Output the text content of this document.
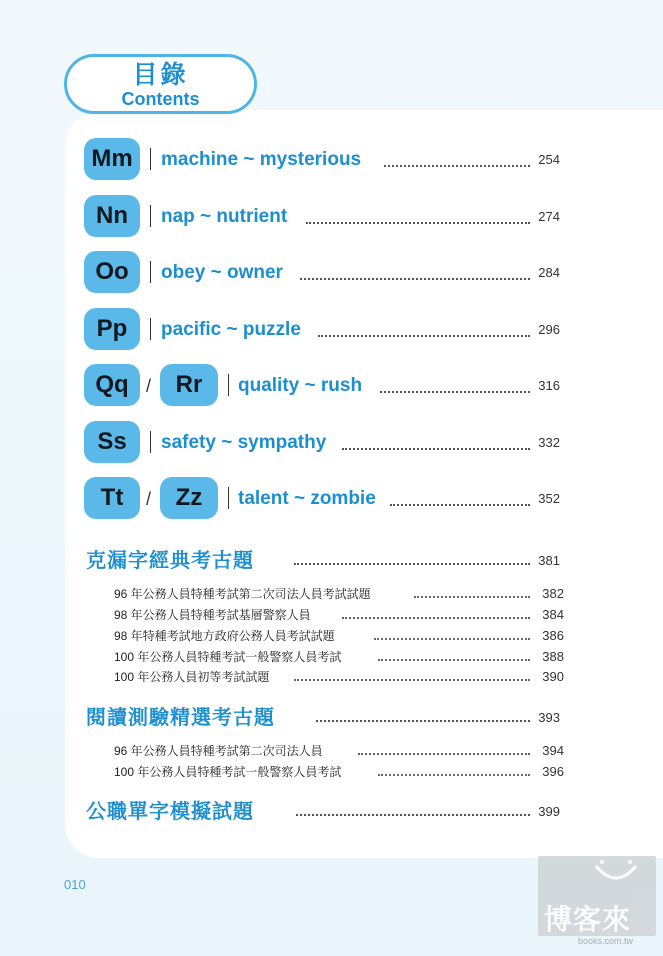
目錄
Contents
Mm	machine ~ mysterious	254
Nn	nap ~ nutrient	274
Oo	obey ~ owner	284
Pp	pacific ~ puzzle	296
Qq /	Rr	quality ~ rush	316
Ss	safety ~ sympathy	332
Tt	/	Zz	talent ~ zombie	352
克漏字經典考古題	381
96 年公務人員特種考試第二次司法人員考試試題	382
98 年公務人員特種考試基層警察人員	384
98 年特種考試地方政府公務人員考試試題	386
100 年公務人員特種考試一般警察人員考試	388
100 年公務人員初等考試試題	390
閱讀測驗精選考古題	393
96 年公務人員特種考試第二次司法人員	394
100 年公務人員特種考試一般警察人員考試	396
公職單字模擬試題	399
010
博客來
books.com.tw
